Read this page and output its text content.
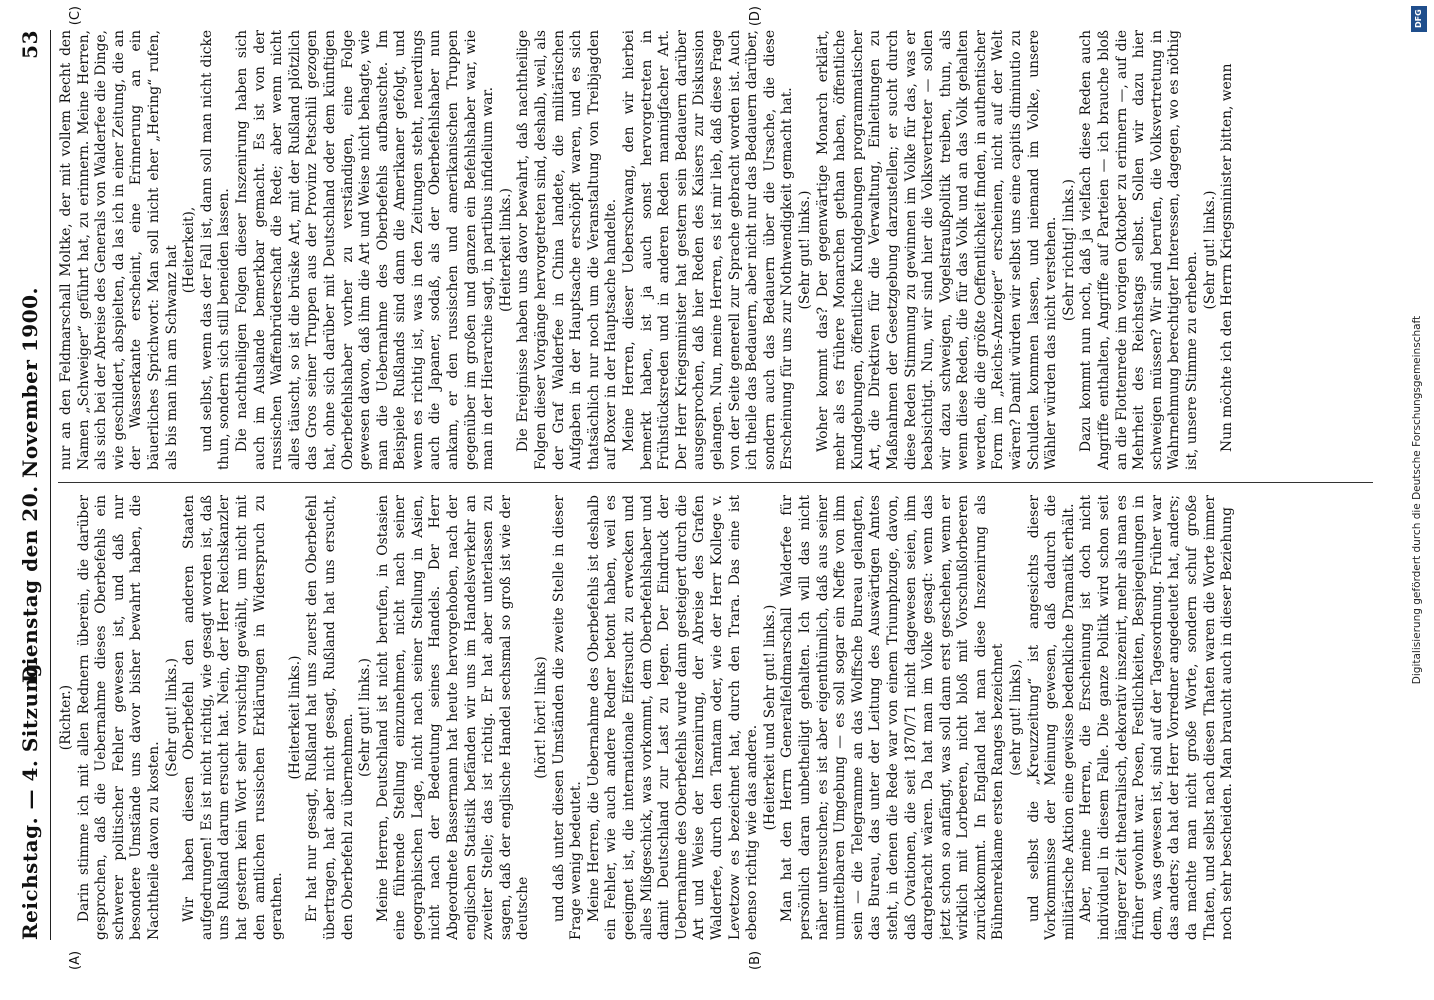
Reichstag. — 4. Sitzung.
Dienstag den 20. November 1900.
53
(A)	(B)
(C)	(D)

(Richter.) Darin stimme ich mit allen Rednern überein, die darüber gesprochen, daß die Uebernahme dieses Oberbefehls ein schwerer politischer Fehler gewesen ist, und daß nur besondere Umstände uns davor bisher bewahrt haben, die Nachtheile davon zu kosten.

(Sehr gut! links.) Wir haben diesen Oberbefehl den anderen Staaten aufgedrungen! Es ist nicht richtig, wie gesagt worden ist, daß uns Rußland darum ersucht hat. Nein, der Herr Reichskanzler hat gestern kein Wort sehr vorsichtig gewählt, um nicht mit den amtlichen russischen Erklärungen in Widerspruch zu gerathen.

(Heiterkeit links.) Er hat nur gesagt, Rußland hat uns zuerst den Oberbefehl übertragen, hat aber nicht gesagt, Rußland hat uns ersucht, den Oberbefehl zu übernehmen. (Sehr gut! links.) Meine Herren, Deutschland ist nicht berufen, in Ostasien eine führende Stellung einzunehmen, nicht nach seiner geographischen Lage, nicht nach seiner Stellung in Asien, nicht nach der Bedeutung seines Handels. Der Herr Abgeordnete Bassermann hat heute hervorgehoben, nach der englischen Statistik befänden wir uns im Handelsverkehr an zweiter Stelle; das ist richtig. Er hat aber unterlassen zu sagen, daß der englische Handel sechsmal so groß ist wie der deutsche

(hört! hört! links) und daß unter diesen Umständen die zweite Stelle in dieser Frage wenig bedeutet. Meine Herren, die Uebernahme des Oberbefehls ist deshalb ein Fehler, wie auch andere Redner betont haben, weil es geeignet ist, die internationale Eifersucht zu erwecken und alles Mißgeschick, was vorkommt, dem Oberbefehlshaber und damit Deutschland zur Last zu legen. Der Eindruck der Uebernahme des Oberbefehls wurde dann gesteigert durch die Art und Weise der Inszenirung, der Abreise des Grafen Walderfee, durch den Tamtam oder, wie der Herr Kollege v. Levetzow es bezeichnet hat, durch den Trara. Das eine ist ebenso richtig wie das andere.

(Heiterkeit und Sehr gut! links.) Man hat den Herrn Generalfeldmarschall Walderfee für persönlich daran unbetheiligt gehalten. Ich will das nicht näher untersuchen; es ist aber eigenthümlich, daß aus seiner unmittelbaren Umgebung — es soll sogar ein Neffe von ihm sein — die Telegramme an das Wolffsche Bureau gelangten, das Bureau, das unter der Leitung des Auswärtigen Amtes steht, in denen die Rede war von einem Triumphzuge, davon, daß Ovationen, die seit 1870/71 nicht dagewesen seien, ihm dargebracht wären. Da hat man im Volke gesagt: wenn das jetzt schon so anfängt, was soll dann erst geschehen, wenn er wirklich mit Lorbeeren, nicht bloß mit Vorschußlorbeeren zurückkommt. In England hat man diese Inszenirung als Bühnenreklame ersten Ranges bezeichnet (sehr gut! links), und selbst die „Kreuzzeitung“ ist angesichts dieser Vorkommnisse der Meinung gewesen, daß dadurch die militärische Aktion eine gewisse bedenkliche Dramatik erhält. Aber, meine Herren, die Erscheinung ist doch nicht individuell in diesem Falle. Die ganze Politik wird schon seit längerer Zeit theatralisch, dekorativ inszenirt, mehr als man es früher gewohnt war. Posen, Festlichkeiten, Bespiegelungen in dem, was gewesen ist, sind auf der Tagesordnung. Früher war das anders; da hat der Herr Vorredner angedeutet hat, anders; da machte man nicht große Worte, sondern schuf große Thaten, und selbst nach diesen Thaten waren die Worte immer noch sehr bescheiden. Man braucht auch in dieser Beziehung

nur an den Feldmarschall Moltke, der mit vollem Recht den Namen „Schweiger“ geführt hat, zu erinnern. Meine Herren, als sich bei der Abreise des Generals von Walderfee die Dinge, wie geschildert, abspielten, da las ich in einer Zeitung, die an der Wasserkante erscheint, eine Erinnerung an ein bäuerliches Sprichwort: Man soll nicht eher „Hering“ rufen, als bis man ihn am Schwanz hat (Heiterkeit), und selbst, wenn das der Fall ist, dann soll man nicht dicke thun, sondern sich still beneiden lassen. Die nachtheiligen Folgen dieser Inszenirung haben sich auch im Auslande bemerkbar gemacht. Es ist von der russischen Waffenbrüderschaft die Rede; aber wenn nicht alles täuscht, so ist die brüske Art, mit der Rußland plötzlich das Gros seiner Truppen aus der Provinz Petschili gezogen hat, ohne sich darüber mit Deutschland oder dem künftigen Oberbefehlshaber vorher zu verständigen, eine Folge gewesen davon, daß ihm die Art und Weise nicht behagte, wie man die Uebernahme des Oberbefehls aufbauschte. Im Beispiele Rußlands sind dann die Amerikaner gefolgt, und wenn es richtig ist, was in den Zeitungen steht, neuerdings auch die Japaner, sodaß, als der Oberbefehlshaber nun ankam, er den russischen und amerikanischen Truppen gegenüber im großen und ganzen ein Befehlshaber war, wie man in der Hierarchie sagt, in partibus infidelium war. (Heiterkeit links.) Die Ereignisse haben uns davor bewahrt, daß nachtheilige Folgen dieser Vorgänge hervorgetreten sind, deshalb, weil, als der Graf Walderfee in China landete, die militärischen Aufgaben in der Hauptsache erschöpft waren, und es sich thatsächlich nur noch um die Veranstaltung von Treibjagden auf Boxer in der Hauptsache handelte. Meine Herren, dieser Ueberschwang, den wir hierbei bemerkt haben, ist ja auch sonst hervorgetreten in Frühstücksreden und in anderen Reden mannigfacher Art. Der Herr Kriegsminister hat gestern sein Bedauern darüber ausgesprochen, daß hier Reden des Kaisers zur Diskussion gelangen. Nun, meine Herren, es ist mir lieb, daß diese Frage von der Seite generell zur Sprache gebracht worden ist. Auch ich theile das Bedauern, aber nicht nur das Bedauern darüber, sondern auch das Bedauern über die Ursache, die diese Erscheinung für uns zur Nothwendigkeit gemacht hat. (Sehr gut! links.) Woher kommt das? Der gegenwärtige Monarch erklärt, mehr als es frühere Monarchen gethan haben, öffentliche Kundgebungen, öffentliche Kundgebungen programmatischer Art, die Direktiven für die Verwaltung, Einleitungen zu Maßnahmen der Gesetzgebung darzustellen; er sucht durch diese Reden Stimmung zu gewinnen im Volke für das, was er beabsichtigt. Nun, wir sind hier die Volksvertreter — sollen wir dazu schweigen, Vogelstraußpolitik treiben, thun, als wenn diese Reden, die für das Volk und an das Volk gehalten werden, die die größte Oeffentlichkeit finden, in authentischer Form im „Reichs-Anzeiger“ erscheinen, nicht auf der Welt wären? Damit würden wir selbst uns eine capitis diminutio zu Schulden kommen lassen, und niemand im Volke, unsere Wähler würden das nicht verstehen. (Sehr richtig! links.) Dazu kommt nun noch, daß ja vielfach diese Reden auch Angriffe enthalten, Angriffe auf Parteien — ich brauche bloß an die Flottenrede im vorigen Oktober zu erinnern —, auf die Mehrheit des Reichstags selbst. Sollen wir dazu hier schweigen müssen? Wir sind berufen, die Volksvertretung in Wahrnehmung berechtigter Interessen, dagegen, wo es nöthig ist, unsere Stimme zu erheben.

(Sehr gut! links.) Nun möchte ich den Herrn Kriegsminister bitten, wenn

DFG
Digitalisierung gefördert durch die Deutsche Forschungsgemeinschaft
